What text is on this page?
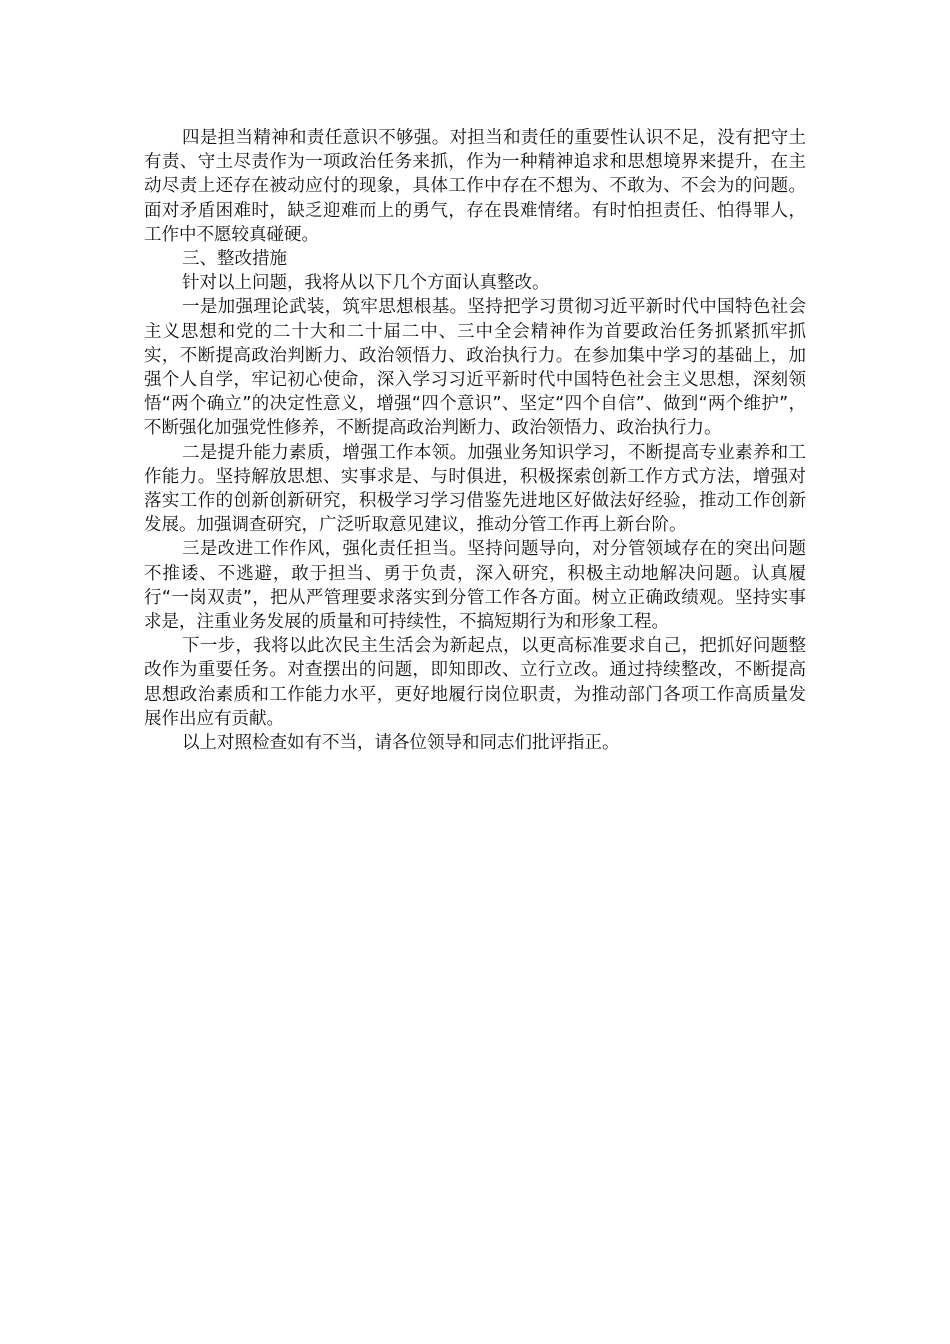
四是担当精神和责任意识不够强。对担当和责任的重要性认识不足，没有把守土有责、守土尽责作为一项政治任务来抓，作为一种精神追求和思想境界来提升，在主动尽责上还存在被动应付的现象，具体工作中存在不想为、不敢为、不会为的问题。面对矛盾困难时，缺乏迎难而上的勇气，存在畏难情绪。有时怕担责任、怕得罪人，工作中不愿较真碰硬。

三、整改措施

针对以上问题，我将从以下几个方面认真整改。

一是加强理论武装，筑牢思想根基。坚持把学习贯彻习近平新时代中国特色社会主义思想和党的二十大和二十届二中、三中全会精神作为首要政治任务抓紧抓牢抓实，不断提高政治判断力、政治领悟力、政治执行力。在参加集中学习的基础上，加强个人自学，牢记初心使命，深入学习习近平新时代中国特色社会主义思想，深刻领悟“两个确立”的决定性意义，增强“四个意识”、坚定“四个自信”、做到“两个维护”，不断强化加强党性修养，不断提高政治判断力、政治领悟力、政治执行力。

二是提升能力素质，增强工作本领。加强业务知识学习，不断提高专业素养和工作能力。坚持解放思想、实事求是、与时俱进，积极探索创新工作方式方法，增强对落实工作的创新创新研究，积极学习学习借鉴先进地区好做法好经验，推动工作创新发展。加强调查研究，广泛听取意见建议，推动分管工作再上新台阶。

三是改进工作作风，强化责任担当。坚持问题导向，对分管领域存在的突出问题不推诿、不逃避，敢于担当、勇于负责，深入研究，积极主动地解决问题。认真履行“一岗双责”，把从严管理要求落实到分管工作各方面。树立正确政绩观。坚持实事求是，注重业务发展的质量和可持续性，不搞短期行为和形象工程。

下一步，我将以此次民主生活会为新起点，以更高标准要求自己，把抓好问题整改作为重要任务。对查摆出的问题，即知即改、立行立改。通过持续整改，不断提高思想政治素质和工作能力水平，更好地履行岗位职责，为推动部门各项工作高质量发展作出应有贡献。

以上对照检查如有不当，请各位领导和同志们批评指正。
